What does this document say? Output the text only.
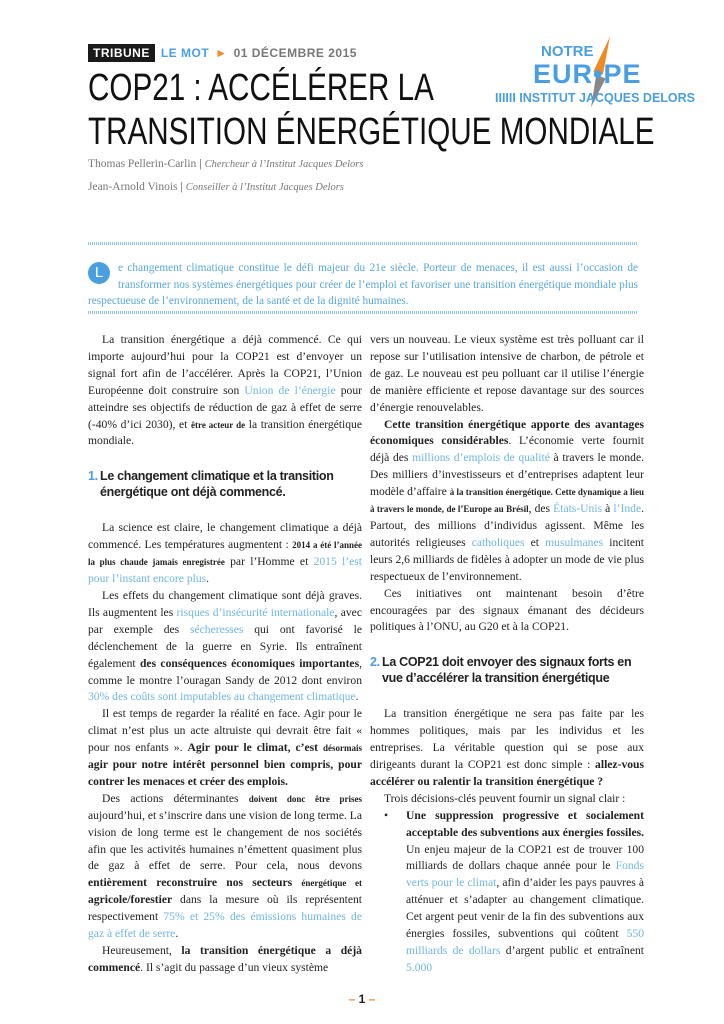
TRIBUNE LE MOT ► 01 DÉCEMBRE 2015
COP21 : ACCÉLÉRER LA
TRANSITION ÉNERGÉTIQUE MONDIALE
Thomas Pellerin-Carlin | Chercheur à l’Institut Jacques Delors
Jean-Arnold Vinois | Conseiller à l’Institut Jacques Delors
NOTRE
EUR•PE
IIIIII INSTITUT JACQUES DELORS
L	e changement climatique constitue le défi majeur du 21e siècle. Porteur de menaces, il est aussi l’occasion de transformer nos systèmes énergétiques pour créer de l’emploi et favoriser une transition énergétique mondiale plus respectueuse de l’environnement, de la santé et de la dignité humaines.

La transition énergétique a déjà commencé. Ce qui importe aujourd’hui pour la COP21 est d’envoyer un signal fort afin de l’accélérer. Après la COP21, l’Union Européenne doit construire son Union de l’énergie pour atteindre ses objectifs de réduction de gaz à effet de serre (-40% d’ici 2030), et être acteur de la transition énergétique mondiale.

1. Le changement climatique et la transition énergétique ont déjà commencé.

La science est claire, le changement climatique a déjà commencé. Les températures augmentent : 2014 a été l’année la plus chaude jamais enregistrée par l’Homme et 2015 l’est pour l’instant encore plus.

Les effets du changement climatique sont déjà graves. Ils augmentent les risques d’insécurité internationale, avec par exemple des sécheresses qui ont favorisé le déclenchement de la guerre en Syrie. Ils entraînent également des conséquences économiques importantes, comme le montre l’ouragan Sandy de 2012 dont environ 30% des coûts sont imputables au changement climatique.

Il est temps de regarder la réalité en face. Agir pour le climat n’est plus un acte altruiste qui devrait être fait « pour nos enfants ». Agir pour le climat, c’est désormais agir pour notre intérêt personnel bien compris, pour contrer les menaces et créer des emplois.

Des actions déterminantes doivent donc être prises aujourd’hui, et s’inscrire dans une vision de long terme. La vision de long terme est le changement de nos sociétés afin que les activités humaines n’émettent quasiment plus de gaz à effet de serre. Pour cela, nous devons entièrement reconstruire nos secteurs énergétique et agricole/forestier dans la mesure où ils représentent respectivement 75% et 25% des émissions humaines de gaz à effet de serre.

Heureusement, la transition énergétique a déjà commencé. Il s’agit du passage d’un vieux système

vers un nouveau. Le vieux système est très polluant car il repose sur l’utilisation intensive de charbon, de pétrole et de gaz. Le nouveau est peu polluant car il utilise l’énergie de manière efficiente et repose davantage sur des sources d’énergie renouvelables.

Cette transition énergétique apporte des avantages économiques considérables. L’économie verte fournit déjà des millions d’emplois de qualité à travers le monde. Des milliers d’investisseurs et d’entreprises adaptent leur modèle d’affaire à la transition énergétique. Cette dynamique a lieu à travers le monde, de l’Europe au Brésil, des États-Unis à l’Inde. Partout, des millions d’individus agissent. Même les autorités religieuses catholiques et musulmanes incitent leurs 2,6 milliards de fidèles à adopter un mode de vie plus respectueux de l’environnement.

Ces initiatives ont maintenant besoin d’être encouragées par des signaux émanant des décideurs politiques à l’ONU, au G20 et à la COP21.

2. La COP21 doit envoyer des signaux forts en vue d’accélérer la transition énergétique

La transition énergétique ne sera pas faite par les hommes politiques, mais par les individus et les entreprises. La véritable question qui se pose aux dirigeants durant la COP21 est donc simple : allez-vous accélérer ou ralentir la transition énergétique ?

Trois décisions-clés peuvent fournir un signal clair :

• Une suppression progressive et socialement acceptable des subventions aux énergies fossiles. Un enjeu majeur de la COP21 est de trouver 100 milliards de dollars chaque année pour le Fonds verts pour le climat, afin d’aider les pays pauvres à atténuer et s’adapter au changement climatique. Cet argent peut venir de la fin des subventions aux énergies fossiles, subventions qui coûtent 550 milliards de dollars d’argent public et entraînent 5.000

– 1 –
